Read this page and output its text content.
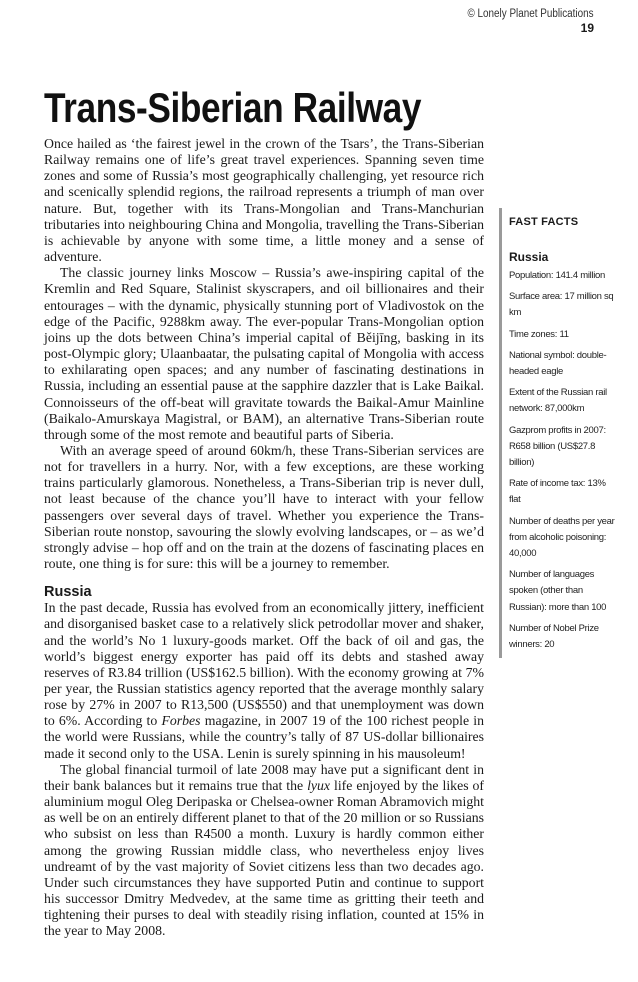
© Lonely Planet Publications
19
Trans-Siberian Railway

Once hailed as ‘the fairest jewel in the crown of the Tsars’, the Trans-Siberian Railway remains one of life’s great travel experiences. Spanning seven time zones and some of Russia’s most geographically challenging, yet resource rich and scenically splendid regions, the railroad represents a triumph of man over nature. But, together with its Trans-Mongolian and Trans-Manchurian tributaries into neighbouring China and Mongolia, travelling the Trans-Siberian is achievable by anyone with some time, a little money and a sense of adventure.

The classic journey links Moscow – Russia’s awe-inspiring capital of the Kremlin and Red Square, Stalinist skyscrapers, and oil billionaires and their entourages – with the dynamic, physically stunning port of Vladivostok on the edge of the Pacific, 9288km away. The ever-popular Trans-Mongolian option joins up the dots between China’s imperial capital of Běijīng, basking in its post-Olympic glory; Ulaanbaatar, the pulsating capital of Mongolia with access to exhilarating open spaces; and any number of fascinating destinations in Russia, including an essential pause at the sapphire dazzler that is Lake Baikal. Connoisseurs of the off-beat will gravitate towards the Baikal-Amur Mainline (Baikalo-Amurskaya Magistral, or BAM), an alternative Trans-Siberian route through some of the most remote and beautiful parts of Siberia.

With an average speed of around 60km/h, these Trans-Siberian services are not for travellers in a hurry. Nor, with a few exceptions, are these working trains particularly glamorous. Nonetheless, a Trans-Siberian trip is never dull, not least because of the chance you’ll have to interact with your fellow passengers over several days of travel. Whether you experience the Trans-Siberian route nonstop, savouring the slowly evolving landscapes, or – as we’d strongly advise – hop off and on the train at the dozens of fascinating places en route, one thing is for sure: this will be a journey to remember.

Russia

In the past decade, Russia has evolved from an economically jittery, inefficient and disorganised basket case to a relatively slick petrodollar mover and shaker, and the world’s No 1 luxury-goods market. Off the back of oil and gas, the world’s biggest energy exporter has paid off its debts and stashed away reserves of R3.84 trillion (US$162.5 billion). With the economy growing at 7% per year, the Russian statistics agency reported that the average monthly salary rose by 27% in 2007 to R13,500 (US$550) and that unemployment was down to 6%. According to Forbes magazine, in 2007 19 of the 100 richest people in the world were Russians, while the country’s tally of 87 US-dollar billionaires made it second only to the USA. Lenin is surely spinning in his mausoleum!

The global financial turmoil of late 2008 may have put a significant dent in their bank balances but it remains true that the lyux life enjoyed by the likes of aluminium mogul Oleg Deripaska or Chelsea-owner Roman Abramovich might as well be on an entirely different planet to that of the 20 million or so Russians who subsist on less than R4500 a month. Luxury is hardly common either among the growing Russian middle class, who nevertheless enjoy lives undreamt of by the vast majority of Soviet citizens less than two decades ago. Under such circumstances they have supported Putin and continue to support his successor Dmitry Medvedev, at the same time as gritting their teeth and tightening their purses to deal with steadily rising inflation, counted at 15% in the year to May 2008.

FAST FACTS
Russia
Population: 141.4 million
Surface area: 17 million sq km
Time zones: 11
National symbol: double-headed eagle
Extent of the Russian rail network: 87,000km
Gazprom profits in 2007: R658 billion (US$27.8 billion)
Rate of income tax: 13% flat
Number of deaths per year from alcoholic poisoning: 40,000
Number of languages spoken (other than Russian): more than 100
Number of Nobel Prize winners: 20
